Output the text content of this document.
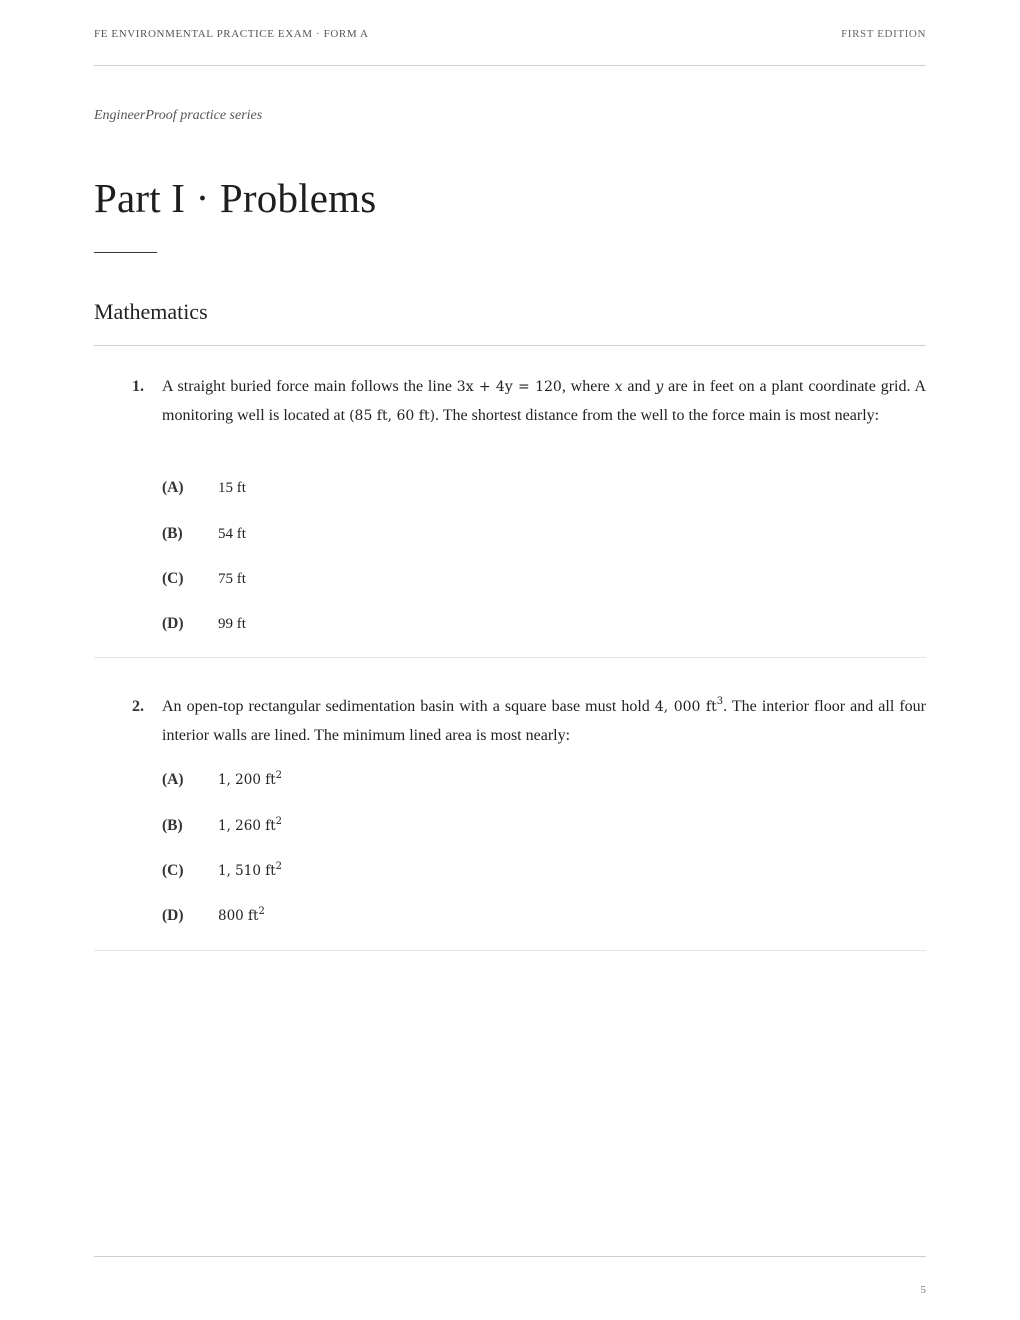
FE ENVIRONMENTAL PRACTICE EXAM · FORM A	FIRST EDITION
EngineerProof practice series
Part I · Problems
Mathematics
1. A straight buried force main follows the line 3x + 4y = 120, where x and y are in feet on a plant coordinate grid. A monitoring well is located at (85 ft, 60 ft). The shortest distance from the well to the force main is most nearly:
(A) 15 ft
(B) 54 ft
(C) 75 ft
(D) 99 ft
2. An open-top rectangular sedimentation basin with a square base must hold 4, 000 $ft^3$. The interior floor and all four interior walls are lined. The minimum lined area is most nearly:
(A)	1, 200 $ft^2$
(B)	1, 260 $ft^2$
(C)	1, 510 $ft^2$
(D)	800 $ft^2$
5
